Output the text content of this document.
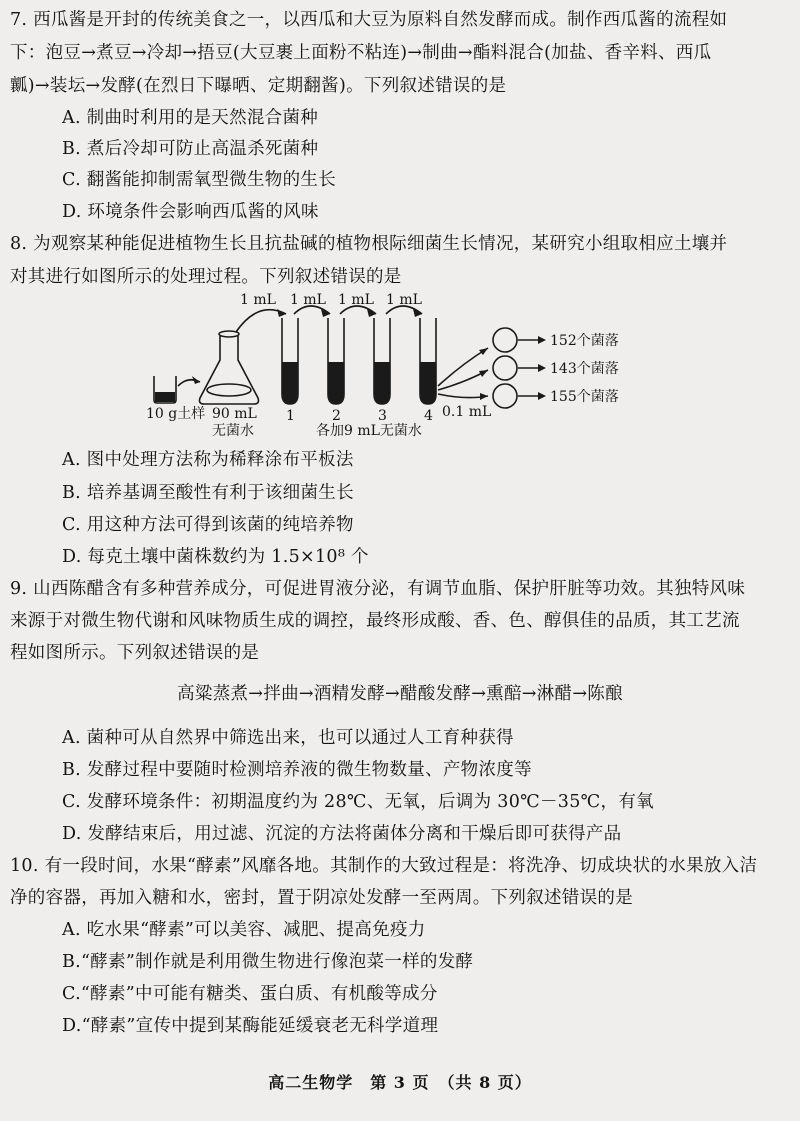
7. 西瓜酱是开封的传统美食之一，以西瓜和大豆为原料自然发酵而成。制作西瓜酱的流程如
下：泡豆→煮豆→冷却→捂豆(大豆裹上面粉不粘连)→制曲→酯料混合(加盐、香辛料、西瓜
瓤)→装坛→发酵(在烈日下曝晒、定期翻酱)。下列叙述错误的是
A. 制曲时利用的是天然混合菌种
B. 煮后冷却可防止高温杀死菌种
C. 翻酱能抑制需氧型微生物的生长
D. 环境条件会影响西瓜酱的风味
8. 为观察某种能促进植物生长且抗盐碱的植物根际细菌生长情况，某研究小组取相应土壤并
对其进行如图所示的处理过程。下列叙述错误的是
1 mL 1 mL 1 mL 1 mL
1	2	3	4
10 g土样 90 mL
无菌水	各加9 mL无菌水
0.1 mL
152个菌落
143个菌落
155个菌落
A. 图中处理方法称为稀释涂布平板法
B. 培养基调至酸性有利于该细菌生长
C. 用这种方法可得到该菌的纯培养物
D. 每克土壤中菌株数约为 1.5×10⁸ 个
9. 山西陈醋含有多种营养成分，可促进胃液分泌，有调节血脂、保护肝脏等功效。其独特风味
来源于对微生物代谢和风味物质生成的调控，最终形成酸、香、色、醇俱佳的品质，其工艺流
程如图所示。下列叙述错误的是
高粱蒸煮→拌曲→酒精发酵→醋酸发酵→熏醅→淋醋→陈酿
A. 菌种可从自然界中筛选出来，也可以通过人工育种获得
B. 发酵过程中要随时检测培养液的微生物数量、产物浓度等
C. 发酵环境条件：初期温度约为 28℃、无氧，后调为 30℃－35℃，有氧
D. 发酵结束后，用过滤、沉淀的方法将菌体分离和干燥后即可获得产品
10. 有一段时间，水果“酵素”风靡各地。其制作的大致过程是：将洗净、切成块状的水果放入洁
净的容器，再加入糖和水，密封，置于阴凉处发酵一至两周。下列叙述错误的是
A. 吃水果“酵素”可以美容、减肥、提高免疫力
B.“酵素”制作就是利用微生物进行像泡菜一样的发酵
C.“酵素”中可能有糖类、蛋白质、有机酸等成分
D.“酵素”宣传中提到某酶能延缓衰老无科学道理
高二生物学　第 3 页　（共 8 页）
